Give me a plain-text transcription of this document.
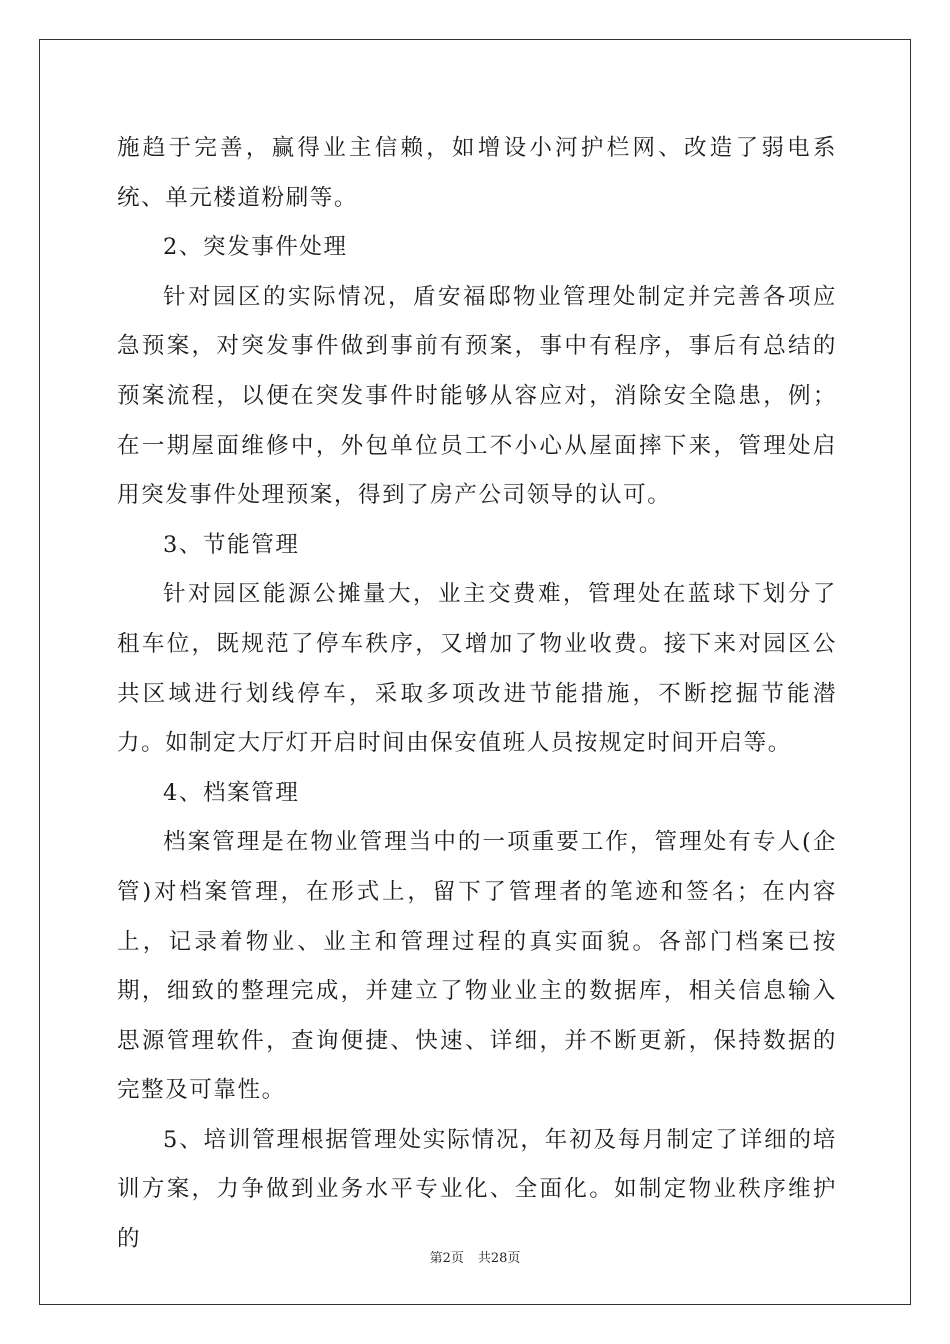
施趋于完善，赢得业主信赖，如增设小河护栏网、改造了弱电系统、单元楼道粉刷等。

2、突发事件处理

针对园区的实际情况，盾安福邸物业管理处制定并完善各项应急预案，对突发事件做到事前有预案，事中有程序，事后有总结的预案流程，以便在突发事件时能够从容应对，消除安全隐患，例；在一期屋面维修中，外包单位员工不小心从屋面摔下来，管理处启用突发事件处理预案，得到了房产公司领导的认可。

3、节能管理

针对园区能源公摊量大，业主交费难，管理处在蓝球下划分了租车位，既规范了停车秩序，又增加了物业收费。接下来对园区公共区域进行划线停车，采取多项改进节能措施，不断挖掘节能潜力。如制定大厅灯开启时间由保安值班人员按规定时间开启等。

4、档案管理

档案管理是在物业管理当中的一项重要工作，管理处有专人(企管)对档案管理，在形式上，留下了管理者的笔迹和签名；在内容上，记录着物业、业主和管理过程的真实面貌。各部门档案已按期，细致的整理完成，并建立了物业业主的数据库，相关信息输入思源管理软件，查询便捷、快速、详细，并不断更新，保持数据的完整及可靠性。

5、培训管理根据管理处实际情况，年初及每月制定了详细的培训方案，力争做到业务水平专业化、全面化。如制定物业秩序维护的

第2页 共28页
